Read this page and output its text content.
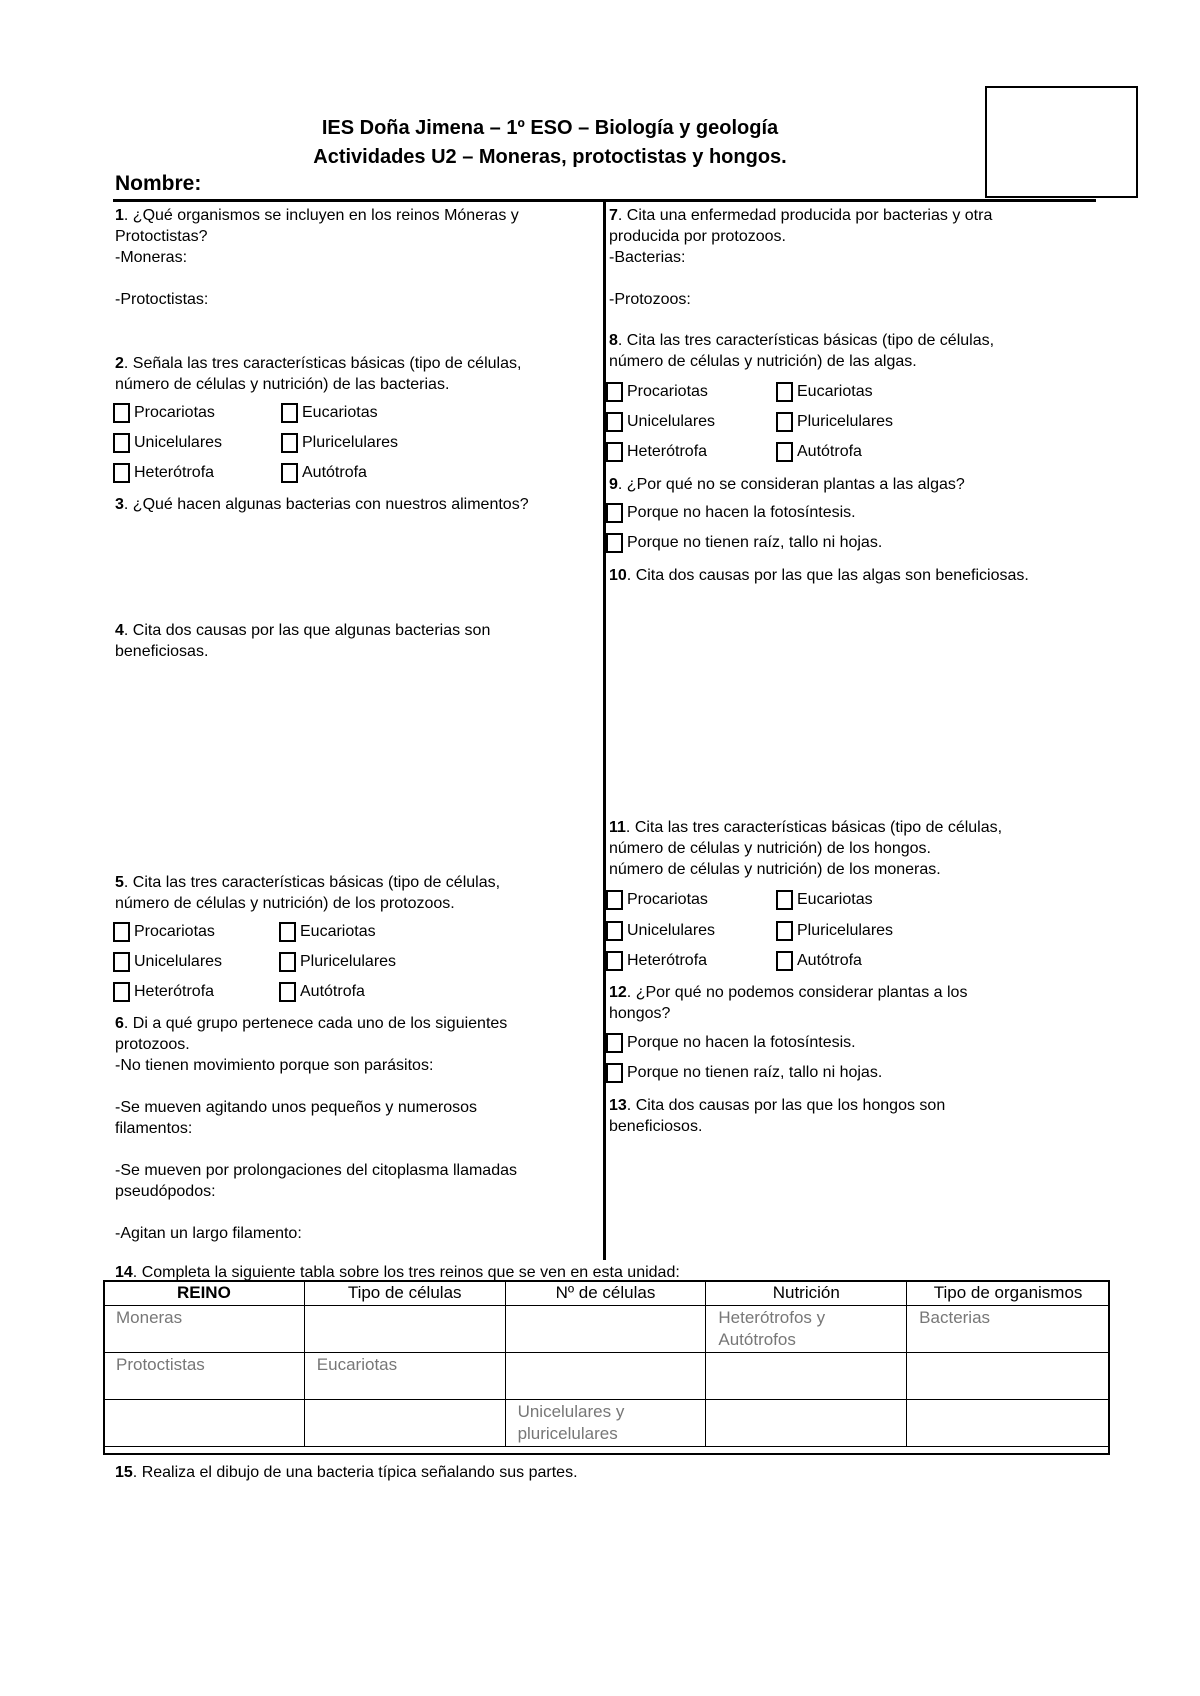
IES Doña Jimena – 1º ESO – Biología y geología
Actividades U2 – Moneras, protoctistas y hongos.
Nombre:
1. ¿Qué organismos se incluyen en los reinos Móneras y
Protoctistas?
-Moneras:

-Protoctistas:
2. Señala las tres características básicas (tipo de células,
número de células y nutrición) de las bacterias.
Procariotas	Eucariotas
Unicelulares	Pluricelulares
Heterótrofa	Autótrofa
3. ¿Qué hacen algunas bacterias con nuestros alimentos?
4. Cita dos causas por las que algunas bacterias son
beneficiosas.
5. Cita las tres características básicas (tipo de células,
número de células y nutrición) de los protozoos.
Procariotas	Eucariotas
Unicelulares	Pluricelulares
Heterótrofa	Autótrofa
6. Di a qué grupo pertenece cada uno de los siguientes
protozoos.
-No tienen movimiento porque son parásitos:

-Se mueven agitando unos pequeños y numerosos
filamentos:

-Se mueven por prolongaciones del citoplasma llamadas
pseudópodos:

-Agitan un largo filamento:
7. Cita una enfermedad producida por bacterias y otra
producida por protozoos.
-Bacterias:

-Protozoos:
8. Cita las tres características básicas (tipo de células,
número de células y nutrición) de las algas.
Procariotas	Eucariotas
Unicelulares	Pluricelulares
Heterótrofa	Autótrofa
9. ¿Por qué no se consideran plantas a las algas?
Porque no hacen la fotosíntesis.
Porque no tienen raíz, tallo ni hojas.
10. Cita dos causas por las que las algas son beneficiosas.
11. Cita las tres características básicas (tipo de células,
número de células y nutrición) de los hongos.
número de células y nutrición) de los moneras.
Procariotas	Eucariotas
Unicelulares	Pluricelulares
Heterótrofa	Autótrofa
12. ¿Por qué no podemos considerar plantas a los
hongos?
Porque no hacen la fotosíntesis.
Porque no tienen raíz, tallo ni hojas.
13. Cita dos causas por las que los hongos son
beneficiosos.
14. Completa la siguiente tabla sobre los tres reinos que se ven en esta unidad:
REINO	Tipo de células	Nº de células	Nutrición	Tipo de organismos
Moneras			Heterótrofos y Autótrofos	Bacterias
Protoctistas	Eucariotas			
		Unicelulares y pluricelulares		
15. Realiza el dibujo de una bacteria típica señalando sus partes.
